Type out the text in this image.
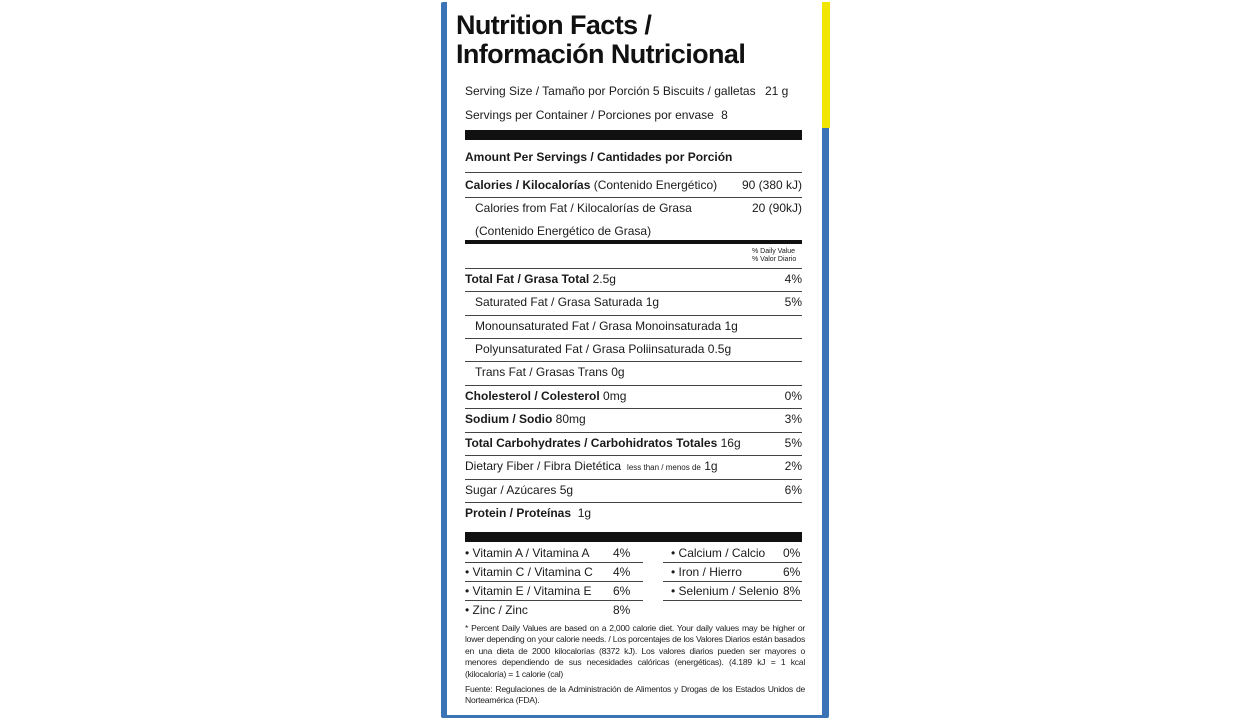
Nutrition Facts /
Información Nutricional
Serving Size / Tamaño por Porción 5 Biscuits / galletas 21 g
Servings per Container / Porciones por envase 8
Amount Per Servings / Cantidades por Porción
Calories / Kilocalorías (Contenido Energético) 90 (380 kJ)
Calories from Fat / Kilocalorías de Grasa	20 (90kJ)
(Contenido Energético de Grasa)
% Daily Value
% Valor Diario
Total Fat / Grasa Total 2.5g	4%
Saturated Fat / Grasa Saturada 1g	5%
Monounsaturated Fat / Grasa Monoinsaturada 1g
Polyunsaturated Fat / Grasa Poliinsaturada 0.5g
Trans Fat / Grasas Trans 0g
Cholesterol / Colesterol 0mg	0%
Sodium / Sodio 80mg	3%
Total Carbohydrates / Carbohidratos Totales 16g	5%
Dietary Fiber / Fibra Dietética less than / menos de 1g	2%
Sugar / Azúcares 5g	6%
Protein / Proteínas  1g
• Vitamin A / Vitamina A 4%	• Calcium / Calcio 0%
• Vitamin C / Vitamina C 4%	• Iron / Hierro	6%
• Vitamin E / Vitamina E 6%	• Selenium / Selenio 8%
• Zinc / Zinc	8%
* Percent Daily Values are based on a 2,000 calorie diet. Your daily values may be higher or lower depending on your calorie needs. / Los porcentajes de los Valores Diarios están basados en una dieta de 2000 kilocalorías (8372 kJ). Los valores diarios pueden ser mayores o menores dependiendo de sus necesidades calóricas (energéticas). (4.189 kJ = 1 kcal (kilocaloría) = 1 calorie (cal)
Fuente: Regulaciones de la Administración de Alimentos y Drogas de los Estados Unidos de Norteamérica (FDA).
